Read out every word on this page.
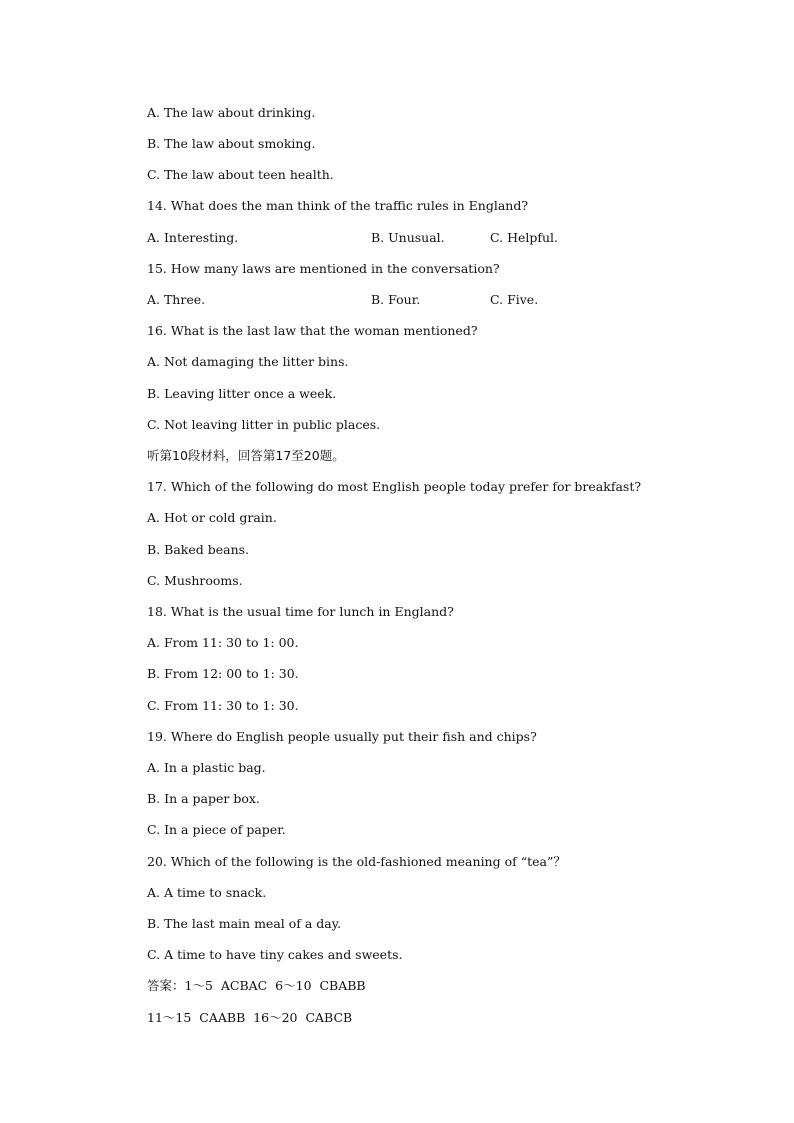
A. The law about drinking.
B. The law about smoking.
C. The law about teen health.
14. What does the man think of the traffic rules in England?
A. Interesting.	B. Unusual.	C. Helpful.
15. How many laws are mentioned in the conversation?
A. Three.	B. Four.	C. Five.
16. What is the last law that the woman mentioned?
A. Not damaging the litter bins.
B. Leaving litter once a week.
C. Not leaving litter in public places.
听第10段材料，回答第17至20题。
17. Which of the following do most English people today prefer for breakfast?
A. Hot or cold grain.
B. Baked beans.
C. Mushrooms.
18. What is the usual time for lunch in England?
A. From 11: 30 to 1: 00.
B. From 12: 00 to 1: 30.
C. From 11: 30 to 1: 30.
19. Where do English people usually put their fish and chips?
A. In a plastic bag.
B. In a paper box.
C. In a piece of paper.
20. Which of the following is the old-fashioned meaning of “tea”？
A. A time to snack.
B. The last main meal of a day.
C. A time to have tiny cakes and sweets.
答案：1～5  ACBAC  6～10  CBABB
11～15  CAABB  16～20  CABCB
